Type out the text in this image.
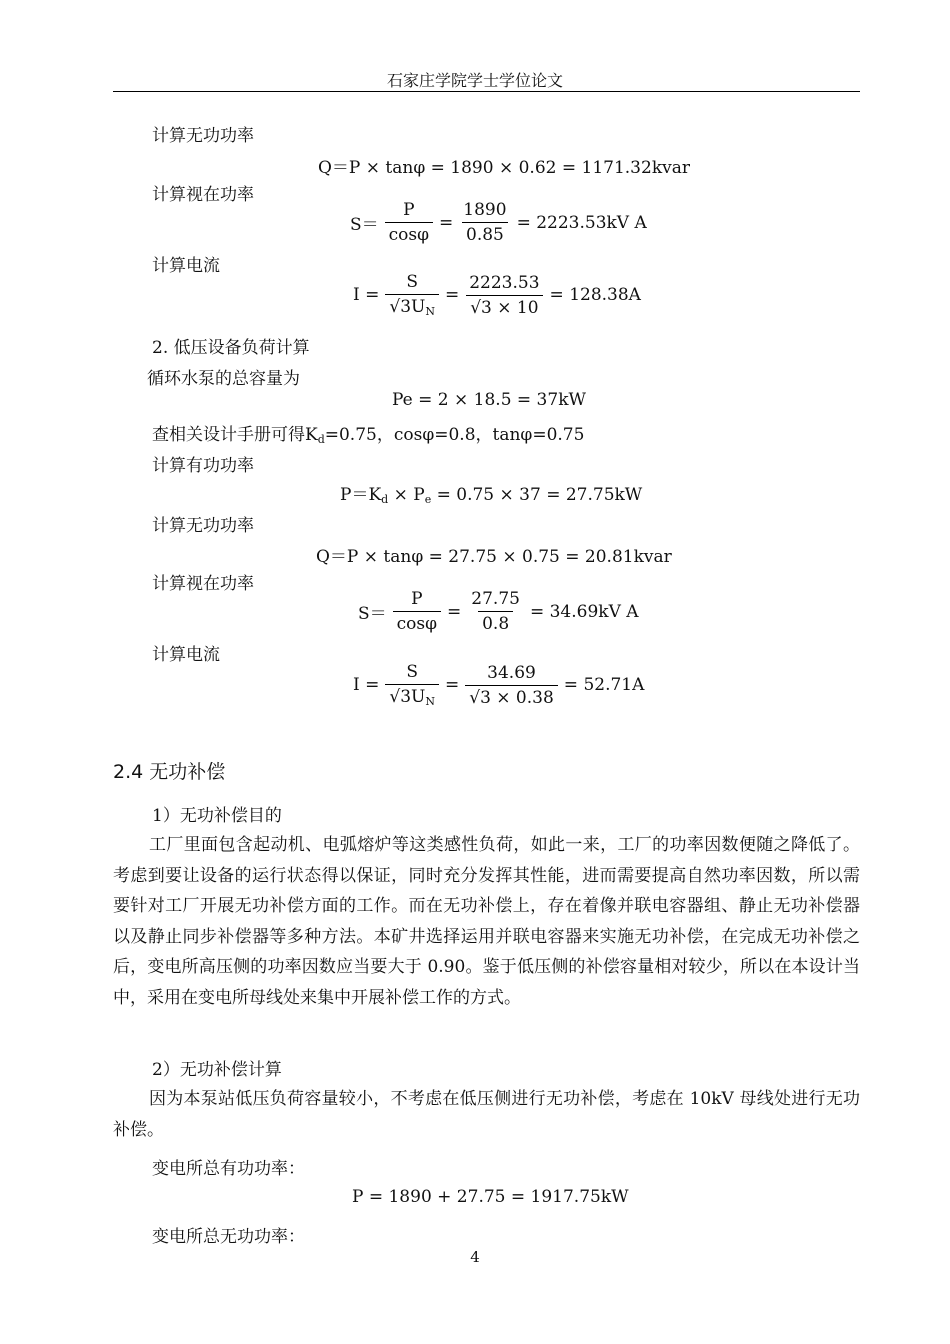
石家庄学院学士学位论文
计算无功功率
Q＝P × tanφ = 1890 × 0.62 = 1171.32kvar
计算视在功率
$S= \frac{P}{\cos\varphi} = \frac{1890}{0.85} = 2223.53kV$ A
计算电流
$I = \frac{S}{√3U_N} = \frac{2223.53}{√3 \times 10} = 128.38A$
2. 低压设备负荷计算
循环水泵的总容量为
Pe = 2 × 18.5 = 37kW
查相关设计手册可得$K_d=0.75$，cosφ=0.8，tanφ=0.75
计算有功功率
$P=K_d \times P_e = 0.75 \times 37 = 27.75kW$
计算无功功率
Q＝P × tanφ = 27.75 × 0.75 = 20.81kvar
计算视在功率
$S= \frac{P}{\cos\varphi} = \frac{27.75}{0.8} = 34.69kV$ A
计算电流
$I = \frac{S}{√3U_N} = \frac{34.69}{√3 \times 0.38} = 52.71A$
2.4 无功补偿
1）无功补偿目的
工厂里面包含起动机、电弧熔炉等这类感性负荷，如此一来，工厂的功率因数便随之降低了。考虑到要让设备的运行状态得以保证，同时充分发挥其性能，进而需要提高自然功率因数，所以需要针对工厂开展无功补偿方面的工作。而在无功补偿上，存在着像并联电容器组、静止无功补偿器以及静止同步补偿器等多种方法。本矿井选择运用并联电容器来实施无功补偿，在完成无功补偿之后，变电所高压侧的功率因数应当要大于 0.90。鉴于低压侧的补偿容量相对较少，所以在本设计当中，采用在变电所母线处来集中开展补偿工作的方式。
2）无功补偿计算
因为本泵站低压负荷容量较小，不考虑在低压侧进行无功补偿，考虑在 10kV 母线处进行无功补偿。
变电所总有功功率：
P = 1890 + 27.75 = 1917.75kW
变电所总无功功率：
4
